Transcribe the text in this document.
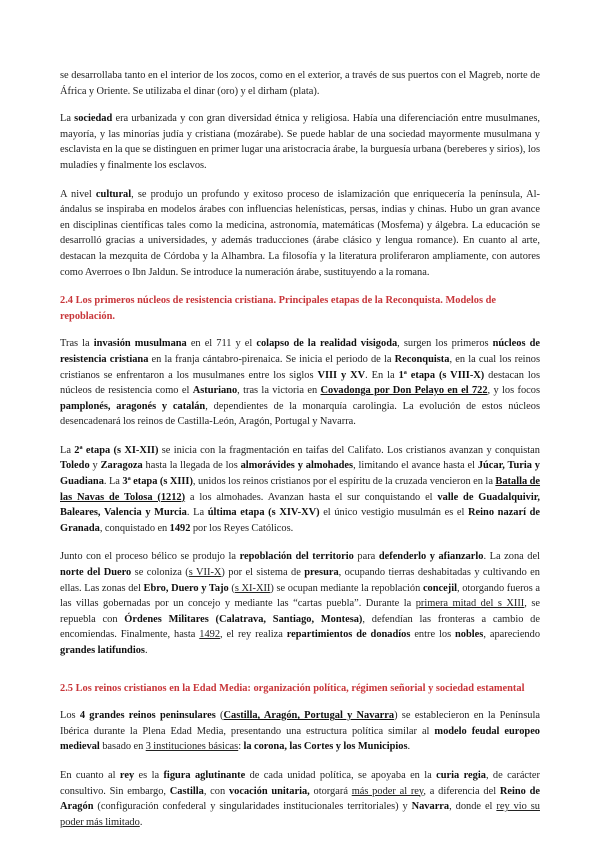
se desarrollaba tanto en el interior de los zocos, como en el exterior, a través de sus puertos con el Magreb, norte de África y Oriente. Se utilizaba el dinar (oro) y el dirham (plata).

La sociedad era urbanizada y con gran diversidad étnica y religiosa. Había una diferenciación entre musulmanes, mayoría, y las minorías judía y cristiana (mozárabe). Se puede hablar de una sociedad mayormente musulmana y esclavista en la que se distinguen en primer lugar una aristocracia árabe, la burguesía urbana (bereberes y sirios), los muladíes y finalmente los esclavos.

A nivel cultural, se produjo un profundo y exitoso proceso de islamización que enriquecería la península, Al-ándalus se inspiraba en modelos árabes con influencias helenísticas, persas, indias y chinas. Hubo un gran avance en disciplinas científicas tales como la medicina, astronomía, matemáticas (Mosfema) y álgebra. La educación se desarrolló gracias a universidades, y además traducciones (árabe clásico y lengua romance). En cuanto al arte, destacan la mezquita de Córdoba y la Alhambra. La filosofía y la literatura proliferaron ampliamente, con autores como Averroes o Ibn Jaldun. Se introduce la numeración árabe, sustituyendo a la romana.

2.4 Los primeros núcleos de resistencia cristiana. Principales etapas de la Reconquista. Modelos de repoblación.

Tras la invasión musulmana en el 711 y el colapso de la realidad visigoda, surgen los primeros núcleos de resistencia cristiana en la franja cántabro-pirenaica. Se inicia el periodo de la Reconquista, en la cual los reinos cristianos se enfrentaron a los musulmanes entre los siglos VIII y XV. En la 1ª etapa (s VIII-X) destacan los núcleos de resistencia como el Asturiano, tras la victoria en Covadonga por Don Pelayo en el 722, y los focos pamplonés, aragonés y catalán, dependientes de la monarquía carolingia. La evolución de estos núcleos desencadenará los reinos de Castilla-León, Aragón, Portugal y Navarra.

La 2ª etapa (s XI-XII) se inicia con la fragmentación en taifas del Califato. Los cristianos avanzan y conquistan Toledo y Zaragoza hasta la llegada de los almorávides y almohades, limitando el avance hasta el Júcar, Turia y Guadiana. La 3ª etapa (s XIII), unidos los reinos cristianos por el espíritu de la cruzada vencieron en la Batalla de las Navas de Tolosa (1212) a los almohades. Avanzan hasta el sur conquistando el valle de Guadalquivir, Baleares, Valencia y Murcia. La última etapa (s XIV-XV) el único vestigio musulmán es el Reino nazarí de Granada, conquistado en 1492 por los Reyes Católicos.

Junto con el proceso bélico se produjo la repoblación del territorio para defenderlo y afianzarlo. La zona del norte del Duero se coloniza (s VII-X) por el sistema de presura, ocupando tierras deshabitadas y cultivando en ellas. Las zonas del Ebro, Duero y Tajo (s XI-XII) se ocupan mediante la repoblación concejil, otorgando fueros a las villas gobernadas por un concejo y mediante las “cartas puebla”. Durante la primera mitad del s XIII, se repuebla con Órdenes Militares (Calatrava, Santiago, Montesa), defendían las fronteras a cambio de encomiendas. Finalmente, hasta 1492, el rey realiza repartimientos de donadíos entre los nobles, apareciendo grandes latifundios.

2.5 Los reinos cristianos en la Edad Media: organización política, régimen señorial y sociedad estamental

Los 4 grandes reinos peninsulares (Castilla, Aragón, Portugal y Navarra) se establecieron en la Península Ibérica durante la Plena Edad Media, presentando una estructura política similar al modelo feudal europeo medieval basado en 3 instituciones básicas: la corona, las Cortes y los Municipios.

En cuanto al rey es la figura aglutinante de cada unidad política, se apoyaba en la curia regia, de carácter consultivo. Sin embargo, Castilla, con vocación unitaria, otorgará más poder al rey, a diferencia del Reino de Aragón (configuración confederal y singularidades institucionales territoriales) y Navarra, donde el rey vio su poder más limitado.
